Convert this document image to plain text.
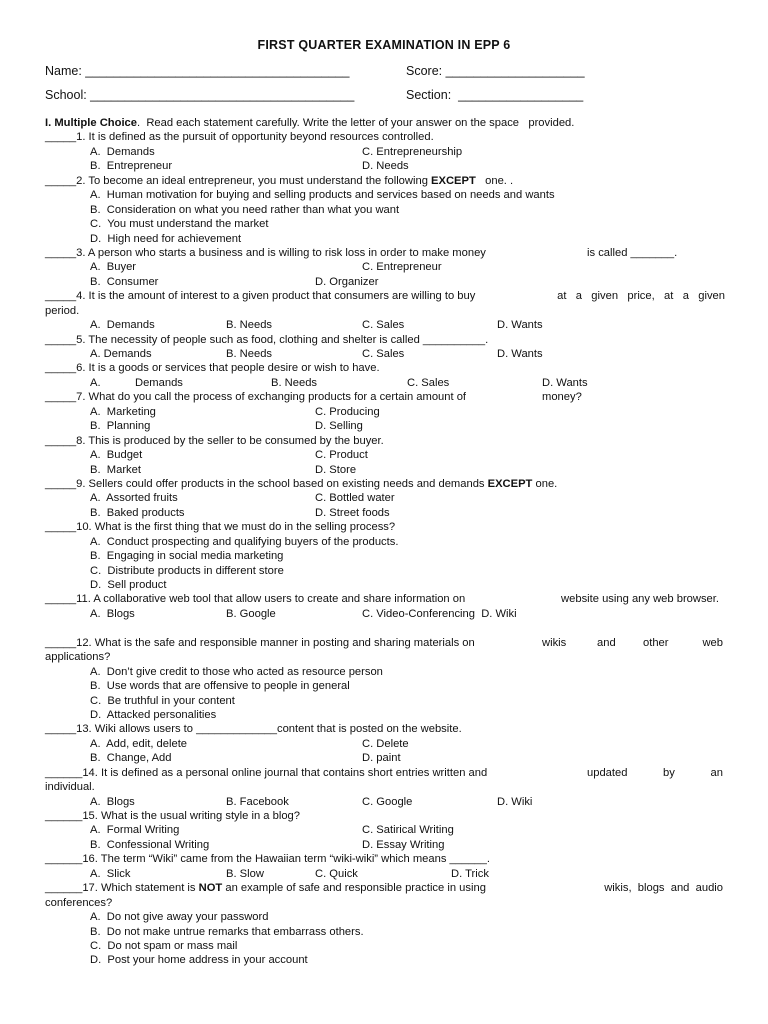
FIRST QUARTER EXAMINATION IN EPP 6
Name: ______________________________________	Score: ____________________
School: ______________________________________	Section:  __________________
I. Multiple Choice.  Read each statement carefully. Write the letter of your answer on the space   provided.
_____1. It is defined as the pursuit of opportunity beyond resources controlled.
A.  Demands	C. Entrepreneurship
B.  Entrepreneur	D. Needs
_____2. To become an ideal entrepreneur, you must understand the following EXCEPT   one. .
A.  Human motivation for buying and selling products and services based on needs and wants
B.  Consideration on what you need rather than what you want
C.  You must understand the market
D.  High need for achievement
_____3. A person who starts a business and is willing to risk loss in order to make money	is called _______.
A.  Buyer	C. Entrepreneur
B.  Consumer	D. Organizer
_____4. It is the amount of interest to a given product that consumers are willing to buy	at   a   given   price,   at   a   given
period.
A.  Demands	B. Needs	C. Sales	D. Wants
_____5. The necessity of people such as food, clothing and shelter is called __________.
A. Demands	B. Needs	C. Sales	D. Wants
_____6. It is a goods or services that people desire or wish to have.
A.	Demands	B. Needs	C. Sales	D. Wants
_____7. What do you call the process of exchanging products for a certain amount of	money?
A.  Marketing	C. Producing
B.  Planning	D. Selling
_____8. This is produced by the seller to be consumed by the buyer.
A.  Budget	C. Product
B.  Market	D. Store
_____9. Sellers could offer products in the school based on existing needs and demands EXCEPT one.
A.  Assorted fruits	C. Bottled water
B.  Baked products	D. Street foods
_____10. What is the first thing that we must do in the selling process?
A.  Conduct prospecting and qualifying buyers of the products.
B.  Engaging in social media marketing
C.  Distribute products in different store
D.  Sell product
_____11. A collaborative web tool that allow users to create and share information on	website using any web browser.
A.  Blogs	B. Google	C. Video-Conferencing  D. Wiki
_____12. What is the safe and responsible manner in posting and sharing materials on	wikis	and other	web
applications?
A.  Don’t give credit to those who acted as resource person
B.  Use words that are offensive to people in general
C.  Be truthful in your content
D.  Attacked personalities
_____13. Wiki allows users to _____________content that is posted on the website.
A.  Add, edit, delete	C. Delete
B.  Change, Add	D. paint
______14. It is defined as a personal online journal that contains short entries written and	updated	by	an
individual.
A.  Blogs	B. Facebook	C. Google	D. Wiki
______15. What is the usual writing style in a blog?
A.  Formal Writing	C. Satirical Writing
B.  Confessional Writing	D. Essay Writing
______16. The term “Wiki” came from the Hawaiian term “wiki-wiki” which means ______.
A.  Slick	B. Slow	C. Quick	D. Trick
______17. Which statement is NOT an example of safe and responsible practice in using	wikis,  blogs  and  audio
conferences?
A.  Do not give away your password
B.  Do not make untrue remarks that embarrass others.
C.  Do not spam or mass mail
D.  Post your home address in your account
